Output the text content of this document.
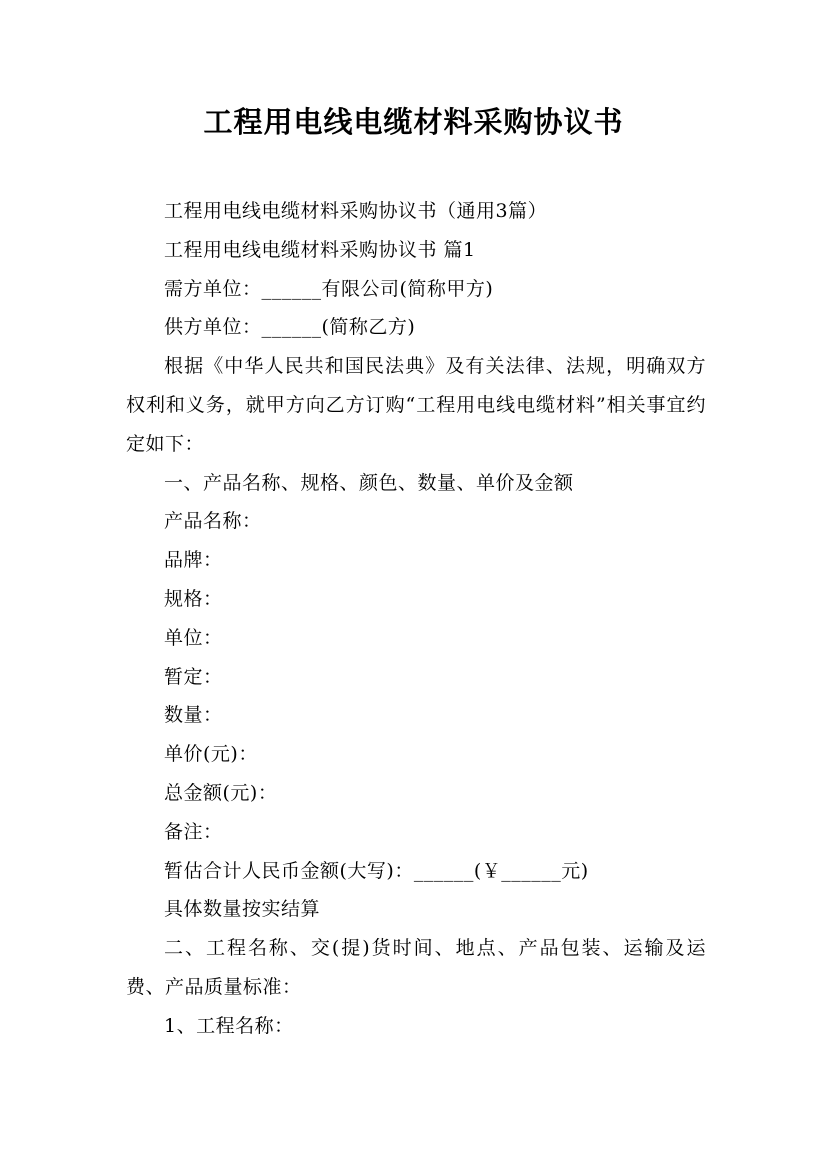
工程用电线电缆材料采购协议书

工程用电线电缆材料采购协议书（通用3篇）

工程用电线电缆材料采购协议书 篇1

需方单位：______有限公司(简称甲方)

供方单位：______(简称乙方)

根据《中华人民共和国民法典》及有关法律、法规，明确双方权利和义务，就甲方向乙方订购“工程用电线电缆材料”相关事宜约定如下：

一、产品名称、规格、颜色、数量、单价及金额

产品名称：

品牌：

规格：

单位：

暂定：

数量：

单价(元)：

总金额(元)：

备注：

暂估合计人民币金额(大写)：______(￥______元)

具体数量按实结算

二、工程名称、交(提)货时间、地点、产品包装、运输及运费、产品质量标准：

1、工程名称：
